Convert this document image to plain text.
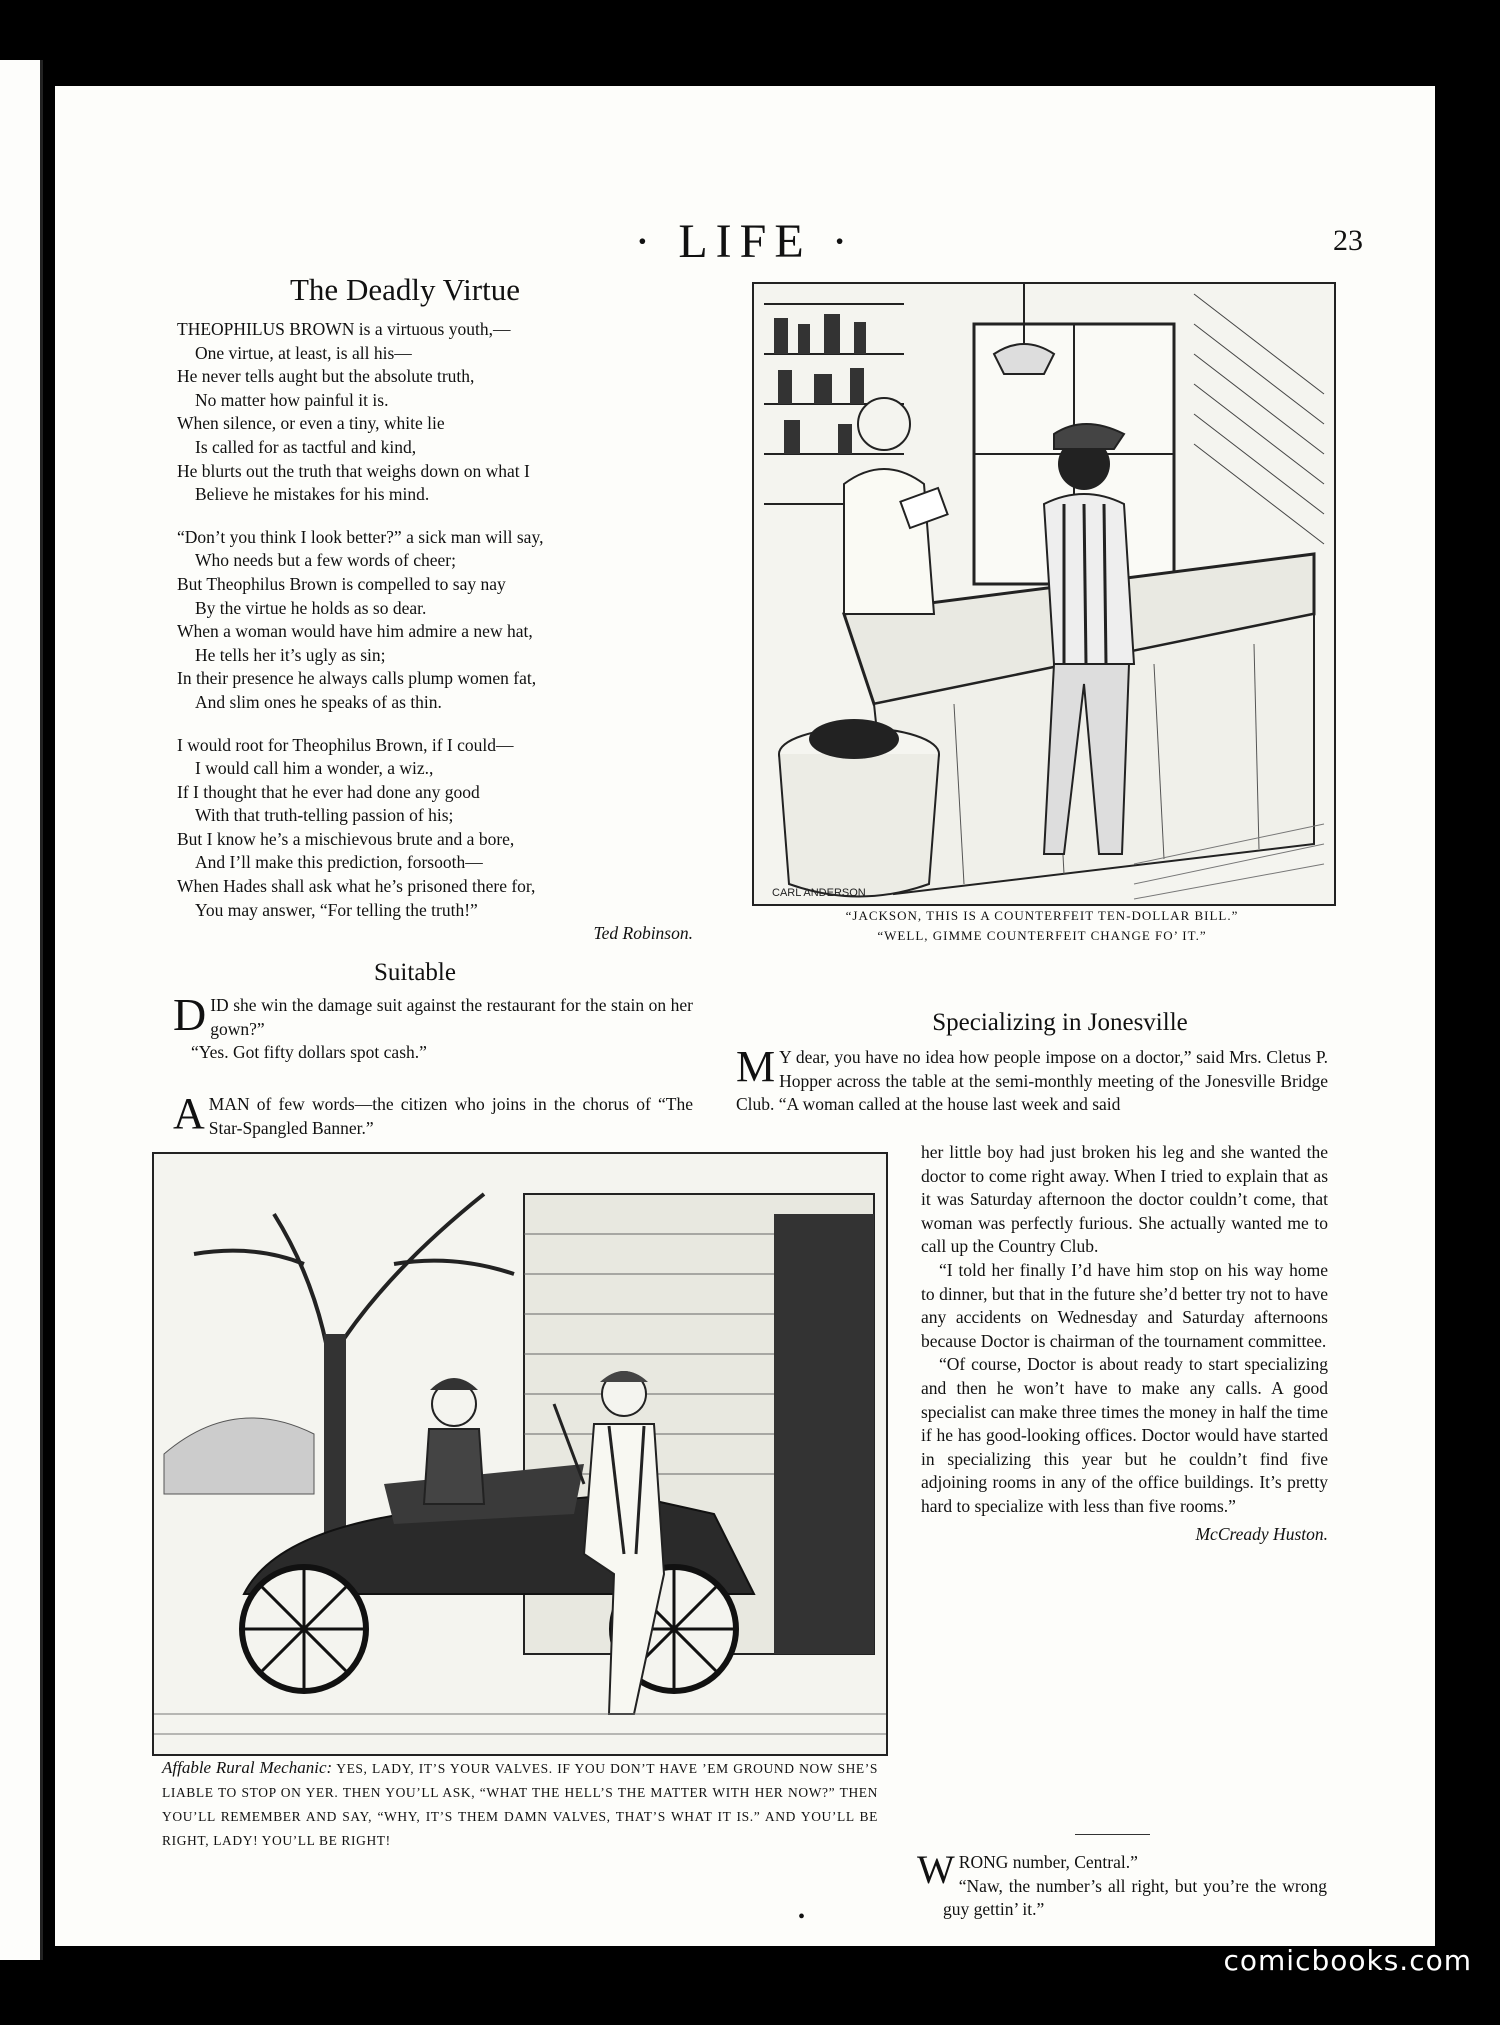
· LIFE ·	23
The Deadly Virtue
THEOPHILUS BROWN is a virtuous youth,—
One virtue, at least, is all his—
He never tells aught but the absolute truth,
No matter how painful it is.
When silence, or even a tiny, white lie
Is called for as tactful and kind,
He blurts out the truth that weighs down on what I
Believe he mistakes for his mind.
“Don’t you think I look better?” a sick man will say,
Who needs but a few words of cheer;
But Theophilus Brown is compelled to say nay
By the virtue he holds as so dear.
When a woman would have him admire a new hat,
He tells her it’s ugly as sin;
In their presence he always calls plump women fat,
And slim ones he speaks of as thin.
I would root for Theophilus Brown, if I could—
I would call him a wonder, a wiz.,
If I thought that he ever had done any good
With that truth-telling passion of his;
But I know he’s a mischievous brute and a bore,
And I’ll make this prediction, forsooth—
When Hades shall ask what he’s prisoned there for,
You may answer, “For telling the truth!”
Ted Robinson.
Suitable
DID she win the damage suit against the restaurant for the stain on her gown?”
“Yes. Got fifty dollars spot cash.”
A MAN of few words—the citizen who joins in the chorus of “The Star-Spangled Banner.”
CARL ANDERSON
“JACKSON, THIS IS A COUNTERFEIT TEN-DOLLAR BILL.”
“WELL, GIMME COUNTERFEIT CHANGE FO’ IT.”
Specializing in Jonesville
M Y dear, you have no idea how people impose on a doctor,” said Mrs. Cletus P. Hopper across the table at the semi-monthly meeting of the Jonesville Bridge Club. “A woman called at the house last week and said
her little boy had just broken his leg and she wanted the doctor to come right away. When I tried to explain that as it was Saturday afternoon the doctor couldn’t come, that woman was perfectly furious. She actually wanted me to call up the Country Club.
“I told her finally I’d have him stop on his way home to dinner, but that in the future she’d better try not to have any accidents on Wednesday and Saturday afternoons because Doctor is chairman of the tournament committee.
“Of course, Doctor is about ready to start specializing and then he won’t have to make any calls. A good specialist can make three times the money in half the time if he has good-looking offices. Doctor would have started in specializing this year but he couldn’t find five adjoining rooms in any of the office buildings. It’s pretty hard to specialize with less than five rooms.”
McCready Huston.
WRONG number, Central.”
“Naw, the number’s all right, but you’re the wrong guy gettin’ it.”
Affable Rural Mechanic: YES, LADY, IT’S YOUR VALVES. IF YOU DON’T HAVE ’EM GROUND NOW SHE’S LIABLE TO STOP ON YER. THEN YOU’LL ASK, “WHAT THE HELL’S THE MATTER WITH HER NOW?” THEN YOU’LL REMEMBER AND SAY, “WHY, IT’S THEM DAMN VALVES, THAT’S WHAT IT IS.” AND YOU’LL BE RIGHT, LADY! YOU’LL BE RIGHT!
•
comicbooks.com
